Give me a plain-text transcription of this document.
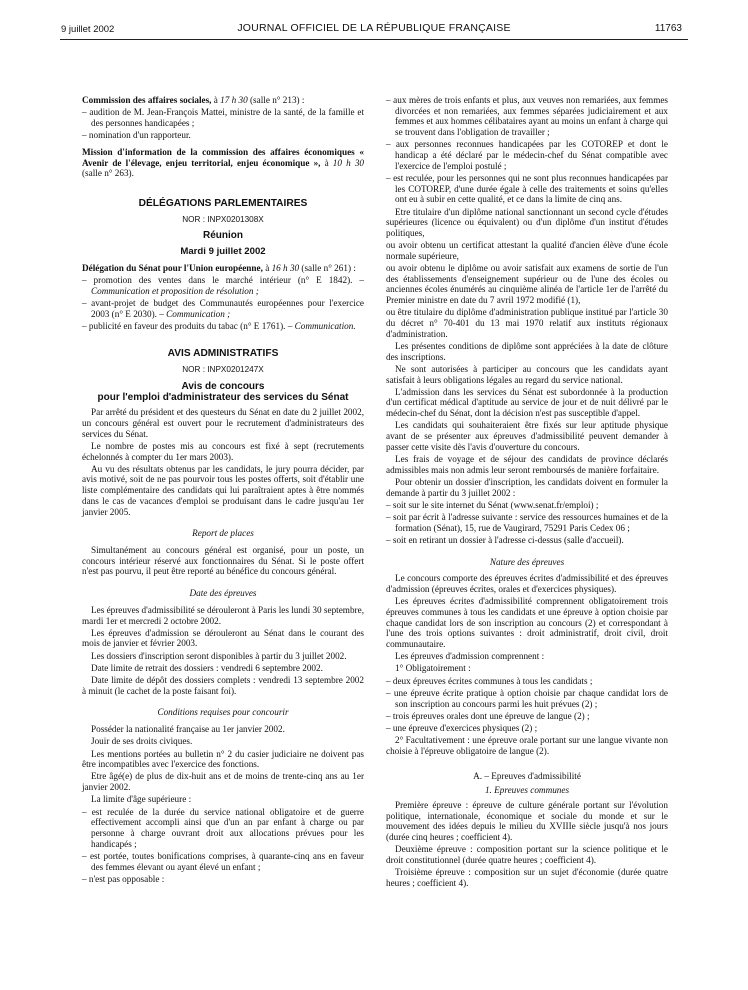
9 juillet 2002	JOURNAL OFFICIEL DE LA RÉPUBLIQUE FRANÇAISE	11763

Commission des affaires sociales, à 17 h 30 (salle n° 213) :

– audition de M. Jean-François Mattei, ministre de la santé, de la famille et des personnes handicapées ;

– nomination d'un rapporteur.

Mission d'information de la commission des affaires économiques « Avenir de l'élevage, enjeu territorial, enjeu économique », à 10 h 30 (salle n° 263).

DÉLÉGATIONS PARLEMENTAIRES
NOR : INPX0201308X
Réunion
Mardi 9 juillet 2002

Délégation du Sénat pour l'Union européenne, à 16 h 30 (salle n° 261) :

– promotion des ventes dans le marché intérieur (n° E 1842). – Communication et proposition de résolution ;

– avant-projet de budget des Communautés européennes pour l'exercice 2003 (n° E 2030). – Communication ;

– publicité en faveur des produits du tabac (n° E 1761). – Communication.

AVIS ADMINISTRATIFS
NOR : INPX0201247X
Avis de concours
pour l'emploi d'administrateur des services du Sénat

Par arrêté du président et des questeurs du Sénat en date du 2 juillet 2002, un concours général est ouvert pour le recrutement d'administrateurs des services du Sénat.

Le nombre de postes mis au concours est fixé à sept (recrutements échelonnés à compter du 1er mars 2003).

Au vu des résultats obtenus par les candidats, le jury pourra décider, par avis motivé, soit de ne pas pourvoir tous les postes offerts, soit d'établir une liste complémentaire des candidats qui lui paraîtraient aptes à être nommés dans le cas de vacances d'emploi se produisant dans le cadre jusqu'au 1er janvier 2005.

Report de places

Simultanément au concours général est organisé, pour un poste, un concours intérieur réservé aux fonctionnaires du Sénat. Si le poste offert n'est pas pourvu, il peut être reporté au bénéfice du concours général.

Date des épreuves

Les épreuves d'admissibilité se dérouleront à Paris les lundi 30 septembre, mardi 1er et mercredi 2 octobre 2002.

Les épreuves d'admission se dérouleront au Sénat dans le courant des mois de janvier et février 2003.

Les dossiers d'inscription seront disponibles à partir du 3 juillet 2002.

Date limite de retrait des dossiers : vendredi 6 septembre 2002.

Date limite de dépôt des dossiers complets : vendredi 13 septembre 2002 à minuit (le cachet de la poste faisant foi).

Conditions requises pour concourir

Posséder la nationalité française au 1er janvier 2002.

Jouir de ses droits civiques.

Les mentions portées au bulletin n° 2 du casier judiciaire ne doivent pas être incompatibles avec l'exercice des fonctions.

Etre âgé(e) de plus de dix-huit ans et de moins de trente-cinq ans au 1er janvier 2002.

La limite d'âge supérieure :

– est reculée de la durée du service national obligatoire et de guerre effectivement accompli ainsi que d'un an par enfant à charge ou par personne à charge ouvrant droit aux allocations prévues pour les handicapés ;

– est portée, toutes bonifications comprises, à quarante-cinq ans en faveur des femmes élevant ou ayant élevé un enfant ;

– n'est pas opposable :

– aux mères de trois enfants et plus, aux veuves non remariées, aux femmes divorcées et non remariées, aux femmes séparées judiciairement et aux femmes et aux hommes célibataires ayant au moins un enfant à charge qui se trouvent dans l'obligation de travailler ;

– aux personnes reconnues handicapées par les COTOREP et dont le handicap a été déclaré par le médecin-chef du Sénat compatible avec l'exercice de l'emploi postulé ;

– est reculée, pour les personnes qui ne sont plus reconnues handicapées par les COTOREP, d'une durée égale à celle des traitements et soins qu'elles ont eu à subir en cette qualité, et ce dans la limite de cinq ans.

Etre titulaire d'un diplôme national sanctionnant un second cycle d'études supérieures (licence ou équivalent) ou d'un diplôme d'un institut d'études politiques,

ou avoir obtenu un certificat attestant la qualité d'ancien élève d'une école normale supérieure,

ou avoir obtenu le diplôme ou avoir satisfait aux examens de sortie de l'un des établissements d'enseignement supérieur ou de l'une des écoles ou anciennes écoles énumérés au cinquième alinéa de l'article 1er de l'arrêté du Premier ministre en date du 7 avril 1972 modifié (1),

ou être titulaire du diplôme d'administration publique institué par l'article 30 du décret n° 70-401 du 13 mai 1970 relatif aux instituts régionaux d'administration.

Les présentes conditions de diplôme sont appréciées à la date de clôture des inscriptions.

Ne sont autorisées à participer au concours que les candidats ayant satisfait à leurs obligations légales au regard du service national.

L'admission dans les services du Sénat est subordonnée à la production d'un certificat médical d'aptitude au service de jour et de nuit délivré par le médecin-chef du Sénat, dont la décision n'est pas susceptible d'appel.

Les candidats qui souhaiteraient être fixés sur leur aptitude physique avant de se présenter aux épreuves d'admissibilité peuvent demander à passer cette visite dès l'avis d'ouverture du concours.

Les frais de voyage et de séjour des candidats de province déclarés admissibles mais non admis leur seront remboursés de manière forfaitaire.

Pour obtenir un dossier d'inscription, les candidats doivent en formuler la demande à partir du 3 juillet 2002 :

– soit sur le site internet du Sénat (www.senat.fr/emploi) ;

– soit par écrit à l'adresse suivante : service des ressources humaines et de la formation (Sénat), 15, rue de Vaugirard, 75291 Paris Cedex 06 ;

– soit en retirant un dossier à l'adresse ci-dessus (salle d'accueil).

Nature des épreuves

Le concours comporte des épreuves écrites d'admissibilité et des épreuves d'admission (épreuves écrites, orales et d'exercices physiques).

Les épreuves écrites d'admissibilité comprennent obligatoirement trois épreuves communes à tous les candidats et une épreuve à option choisie par chaque candidat lors de son inscription au concours (2) et correspondant à l'une des trois options suivantes : droit administratif, droit civil, droit communautaire.

Les épreuves d'admission comprennent :

1° Obligatoirement :

– deux épreuves écrites communes à tous les candidats ;

– une épreuve écrite pratique à option choisie par chaque candidat lors de son inscription au concours parmi les huit prévues (2) ;

– trois épreuves orales dont une épreuve de langue (2) ;

– une épreuve d'exercices physiques (2) ;

2° Facultativement : une épreuve orale portant sur une langue vivante non choisie à l'épreuve obligatoire de langue (2).

A. – Epreuves d'admissibilité
1. Epreuves communes

Première épreuve : épreuve de culture générale portant sur l'évolution politique, internationale, économique et sociale du monde et sur le mouvement des idées depuis le milieu du XVIIIe siècle jusqu'à nos jours (durée cinq heures ; coefficient 4).

Deuxième épreuve : composition portant sur la science politique et le droit constitutionnel (durée quatre heures ; coefficient 4).

Troisième épreuve : composition sur un sujet d'économie (durée quatre heures ; coefficient 4).
